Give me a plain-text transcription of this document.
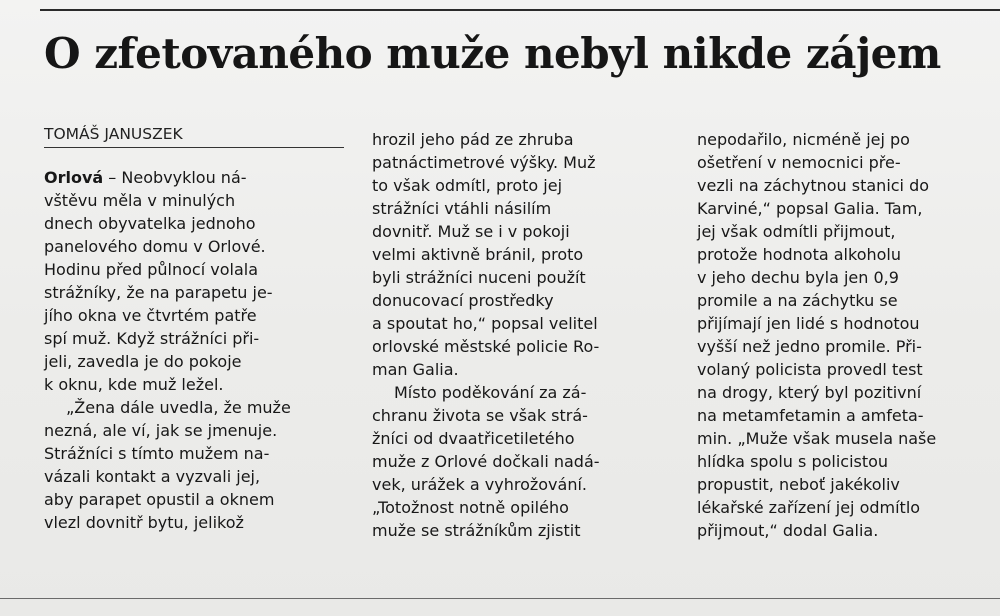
O zfetovaného muže nebyl nikde zájem
TOMÁŠ JANUSZEK
Orlová – Neobvyklou ná-
vštěvu měla v minulých
dnech obyvatelka jednoho
panelového domu v Orlové.
Hodinu před půlnocí volala
strážníky, že na parapetu je-
jího okna ve čtvrtém patře
spí muž. Když strážníci při-
jeli, zavedla je do pokoje
k oknu, kde muž ležel.
„Žena dále uvedla, že muže
nezná, ale ví, jak se jmenuje.
Strážníci s tímto mužem na-
vázali kontakt a vyzvali jej,
aby parapet opustil a oknem
vlezl dovnitř bytu, jelikož
hrozil jeho pád ze zhruba
patnáctimetrové výšky. Muž
to však odmítl, proto jej
strážníci vtáhli násilím
dovnitř. Muž se i v pokoji
velmi aktivně bránil, proto
byli strážníci nuceni použít
donucovací prostředky
a spoutat ho,“ popsal velitel
orlovské městské policie Ro-
man Galia.
Místo poděkování za zá-
chranu života se však strá-
žníci od dvaatřicetiletého
muže z Orlové dočkali nadá-
vek, urážek a vyhrožování.
„Totožnost notně opilého
muže se strážníkům zjistit
nepodařilo, nicméně jej po
ošetření v nemocnici pře-
vezli na záchytnou stanici do
Karviné,“ popsal Galia. Tam,
jej však odmítli přijmout,
protože hodnota alkoholu
v jeho dechu byla jen 0,9
promile a na záchytku se
přijímají jen lidé s hodnotou
vyšší než jedno promile. Při-
volaný policista provedl test
na drogy, který byl pozitivní
na metamfetamin a amfeta-
min. „Muže však musela naše
hlídka spolu s policistou
propustit, neboť jakékoliv
lékařské zařízení jej odmítlo
přijmout,“ dodal Galia.
